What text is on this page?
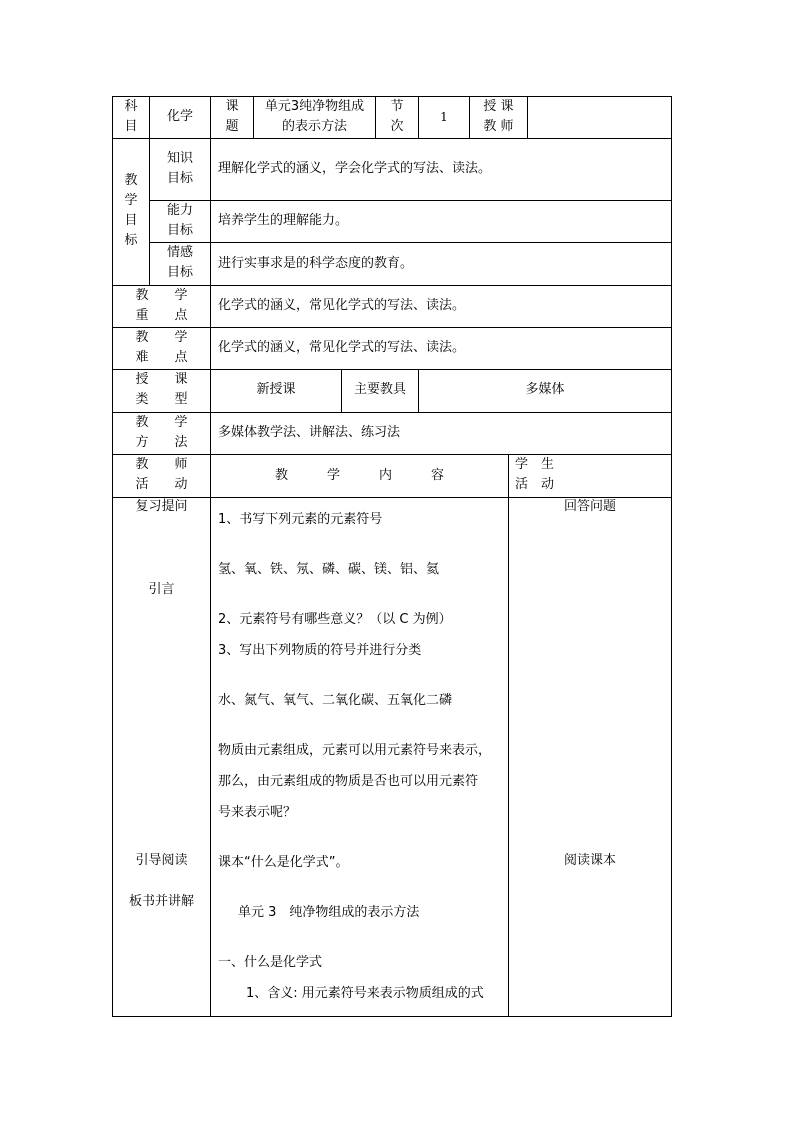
科
目
化学
课
题
单元3纯净物组成
的表示方法
节
次
1
授 课
教 师
教
学
目
标
知识
目标
理解化学式的涵义，学会化学式的写法、读法。
能力
目标
培养学生的理解能力。
情感
目标
进行实事求是的科学态度的教育。
教　　学
重　　点
化学式的涵义，常见化学式的写法、读法。
教　　学
难　　点
化学式的涵义，常见化学式的写法、读法。
授　　课
类　　型
新授课	主要教具	多媒体
教　　学
方　　法
多媒体教学法、讲解法、练习法
教　　师
活　　动
教　　　学　　　内　　　容
学　生
活　动
复习提问
引言
引导阅读
板书并讲解
回答问题
阅读课本
1、书写下列元素的元素符号
氢、氧、铁、氖、磷、碳、镁、铝、氦
2、元素符号有哪些意义？（以 C 为例）
3、写出下列物质的符号并进行分类
水、氮气、氧气、二氧化碳、五氧化二磷
物质由元素组成，元素可以用元素符号来表示，
那么，由元素组成的物质是否也可以用元素符
号来表示呢？
课本“什么是化学式”。
单元 3　纯净物组成的表示方法
一、什么是化学式
1、含义: 用元素符号来表示物质组成的式
